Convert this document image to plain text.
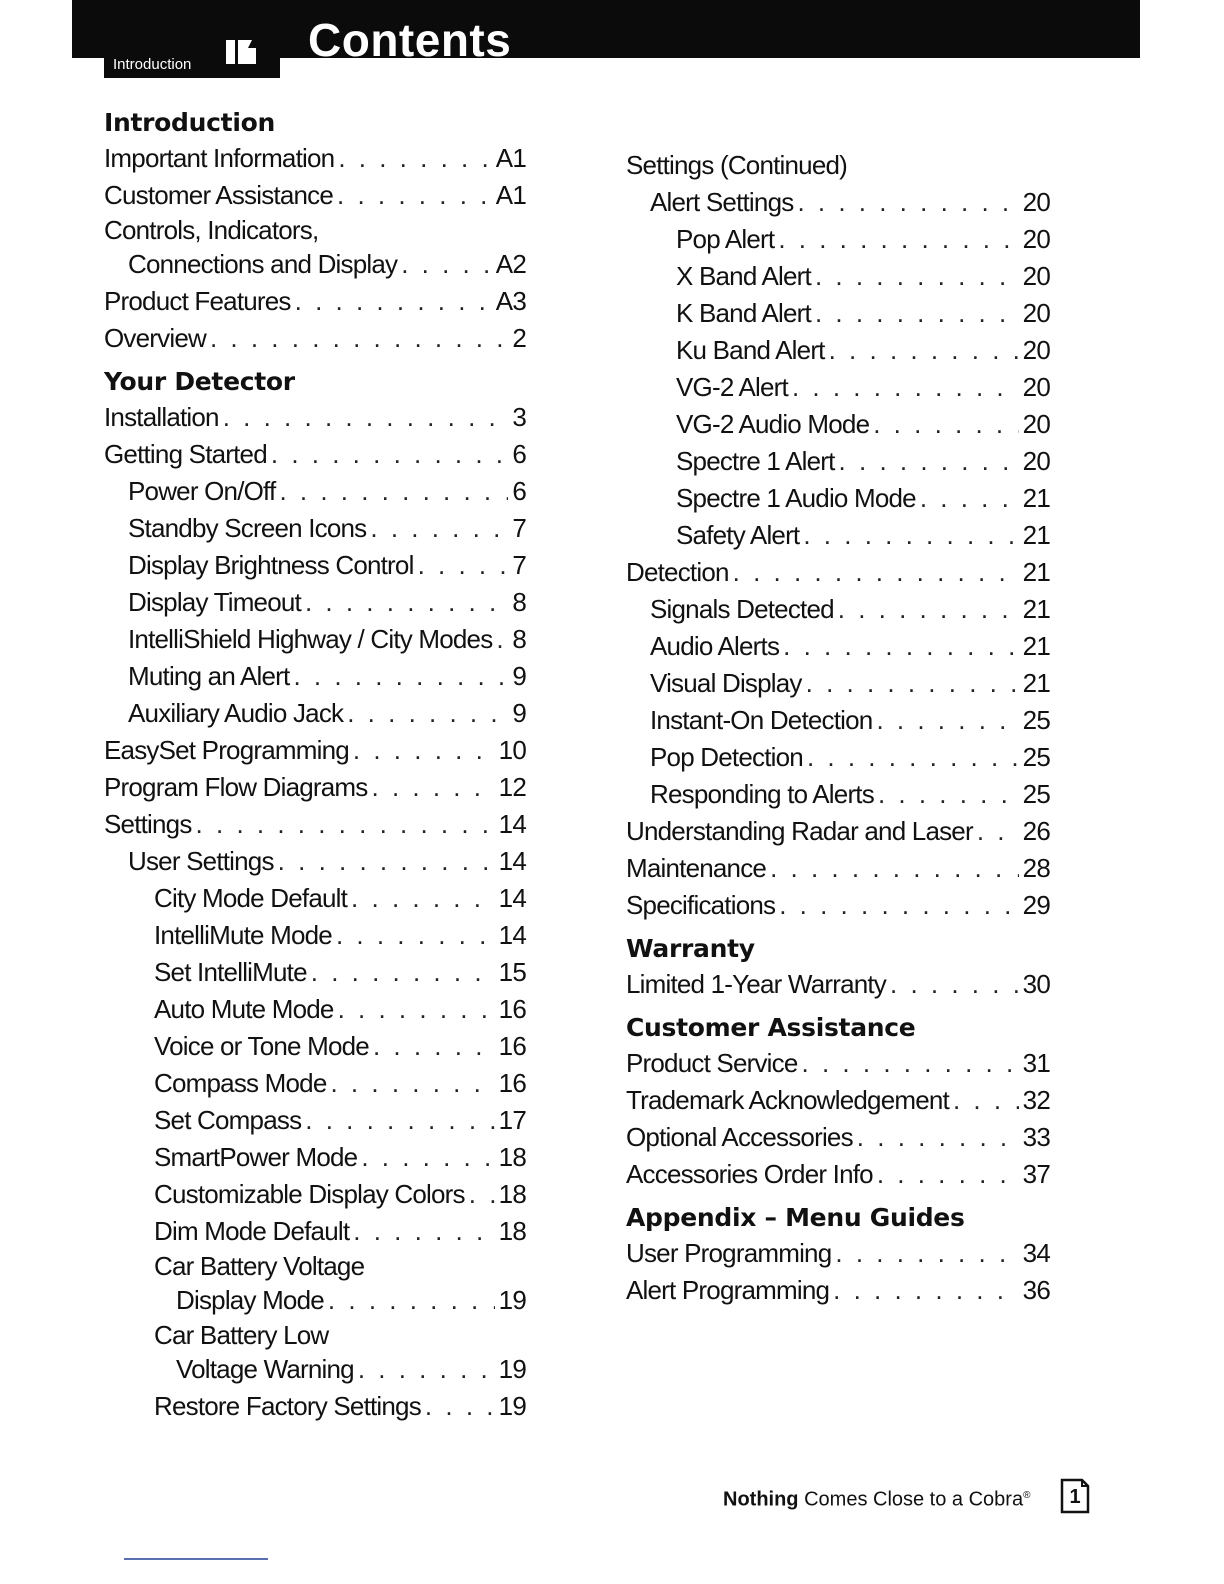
Contents
Introduction
Introduction
Important Information . . .	A1
Customer Assistance . . .	A1
Controls, Indicators,
Connections and Display . . .	A2
Product Features . . .	A3
Overview . . .	2
Your Detector
Installation . . .	3
Getting Started . . .	6
Power On/Off . . .	6
Standby Screen Icons . . .	7
Display Brightness Control . . .	7
Display Timeout . . .	8
IntelliShield Highway / City Modes . . . 8
Muting an Alert . . .	9
Auxiliary Audio Jack . . .	9
EasySet Programming . . .	10
Program Flow Diagrams . . .	12
Settings . . .	14
User Settings . . .	14
City Mode Default . . .	14
IntelliMute Mode . . .	14
Set IntelliMute . . .	15
Auto Mute Mode . . .	16
Voice or Tone Mode . . .	16
Compass Mode . . .	16
Set Compass . . .	17
SmartPower Mode . . .	18
Customizable Display Colors . . . 18
Dim Mode Default . . .	18
Car Battery Voltage
Display Mode . . .	19
Car Battery Low
Voltage Warning . . .	19
Restore Factory Settings . . .	19
Settings (Continued)
Alert Settings . . .	20
Pop Alert . . .	20
X Band Alert . . .	20
K Band Alert . . .	20
Ku Band Alert . . .	20
VG-2 Alert . . .	20
VG-2 Audio Mode . . .	20
Spectre 1 Alert . . .	20
Spectre 1 Audio Mode . . .	21
Safety Alert . . .	21
Detection . . .	21
Signals Detected . . .	21
Audio Alerts . . .	21
Visual Display . . .	21
Instant-On Detection . . .	25
Pop Detection . . .	25
Responding to Alerts . . .	25
Understanding Radar and Laser . . . 26
Maintenance . . .	28
Specifications . . .	29
Warranty
Limited 1-Year Warranty . . .	30
Customer Assistance
Product Service . . .	31
Trademark Acknowledgement . . .	32
Optional Accessories . . .	33
Accessories Order Info . . .	37
Appendix – Menu Guides
User Programming . . .	34
Alert Programming . . .	36
Nothing Comes Close to a Cobra®	1
